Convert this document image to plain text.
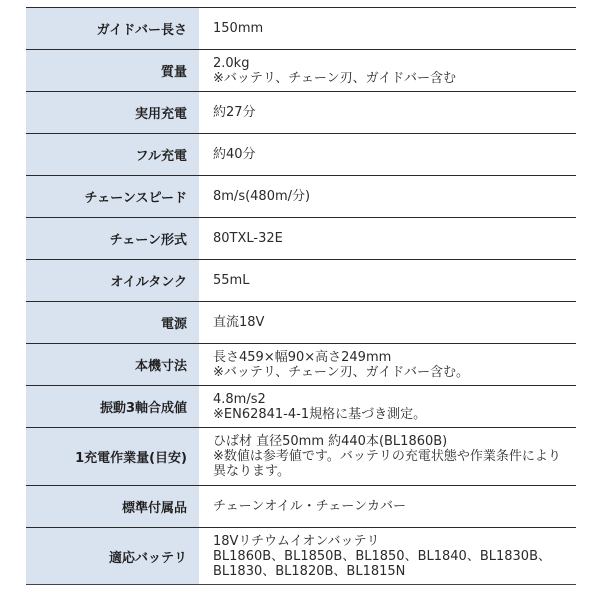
ガイドバー長さ	150mm

質量	2.0kg
※バッテリ、チェーン刃、ガイドバー含む

実用充電	約27分

フル充電	約40分

チェーンスピード	8m/s(480m/分)

チェーン形式	80TXL-32E

オイルタンク	55mL

電源	直流18V

本機寸法	長さ459×幅90×高さ249mm
※バッテリ、チェーン刃、ガイドバー含む。

振動3軸合成値	4.8m/s2
※EN62841-4-1規格に基づき測定。

1充電作業量(目安)	ひば材 直径50mm 約440本(BL1860B)
※数値は参考値です。バッテリの充電状態や作業条件により
異なります。

標準付属品	チェーンオイル・チェーンカバー

適応バッテリ	18Vリチウムイオンバッテリ
BL1860B、BL1850B、BL1850、BL1840、BL1830B、
BL1830、BL1820B、BL1815N
